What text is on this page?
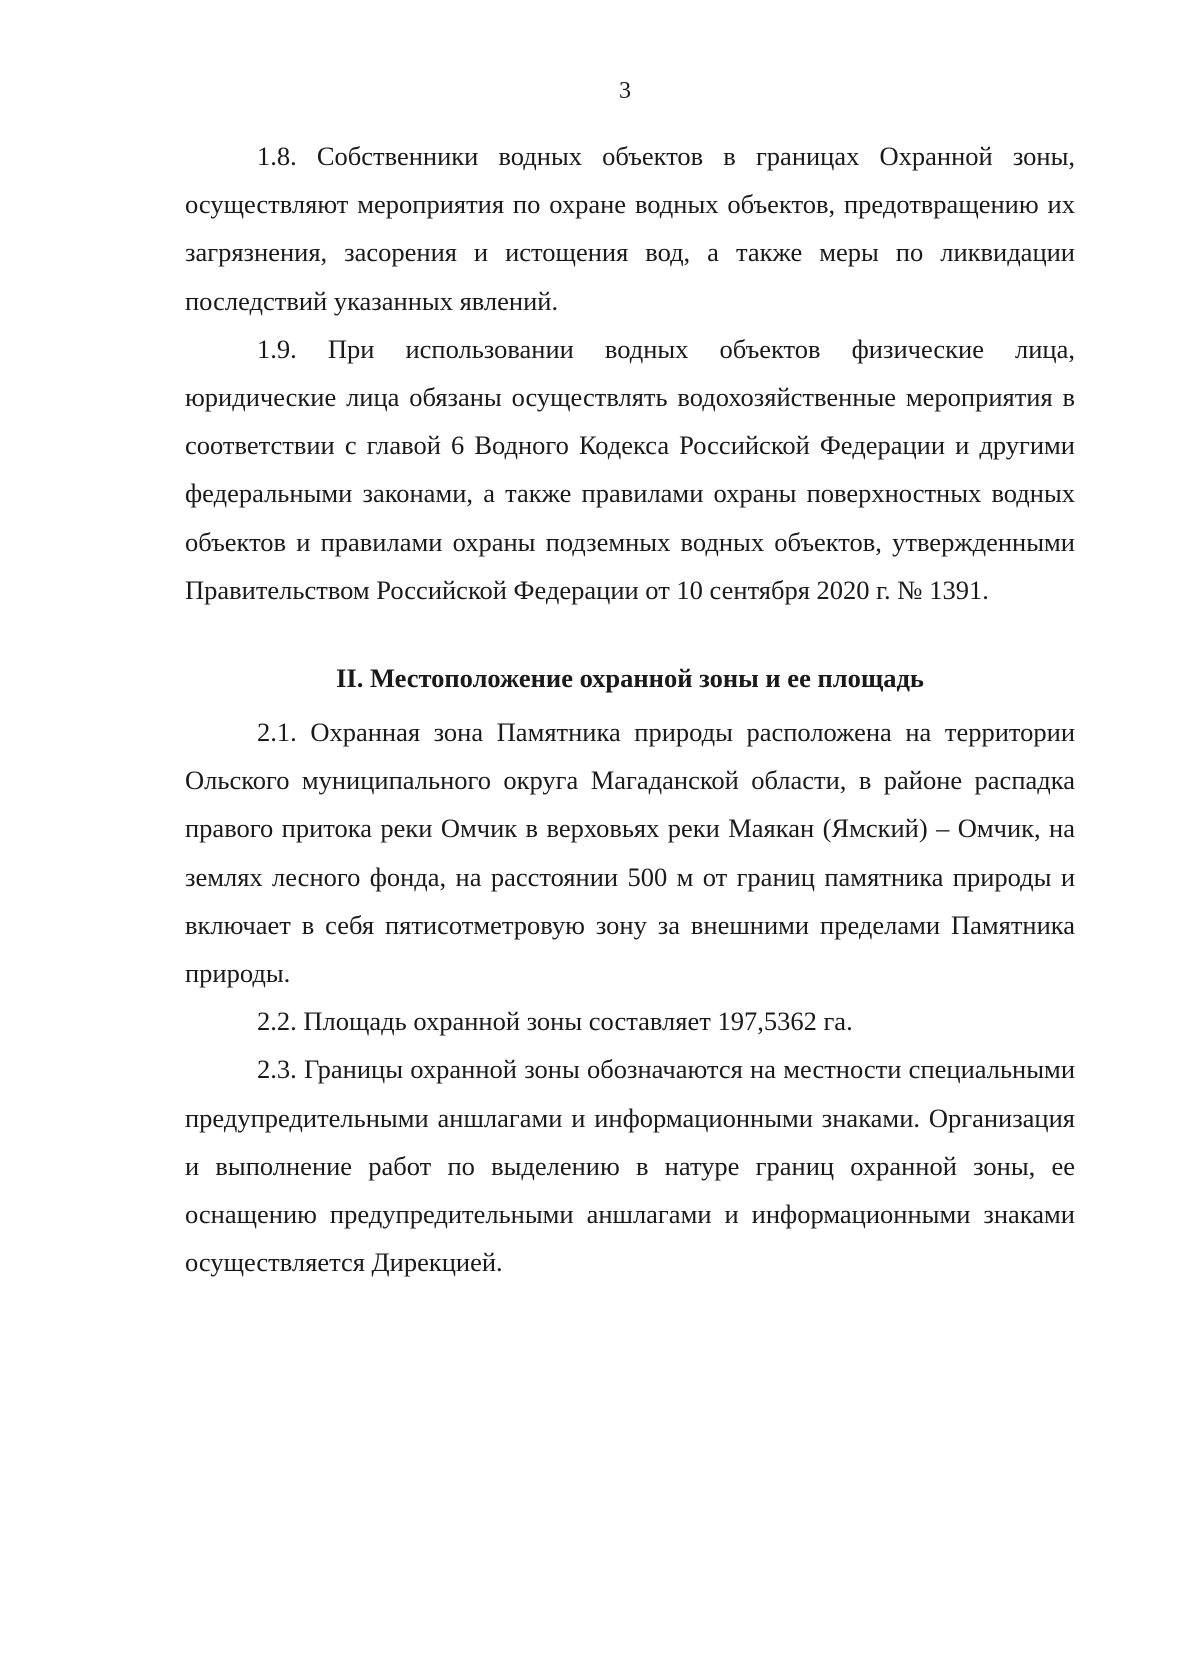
3

1.8. Собственники водных объектов в границах Охранной зоны, осуществляют мероприятия по охране водных объектов, предотвращению их загрязнения, засорения и истощения вод, а также меры по ликвидации последствий указанных явлений.

1.9. При использовании водных объектов физические лица, юридические лица обязаны осуществлять водохозяйственные мероприятия в соответствии с главой 6 Водного Кодекса Российской Федерации и другими федеральными законами, а также правилами охраны поверхностных водных объектов и правилами охраны подземных водных объектов, утвержденными Правительством Российской Федерации от 10 сентября 2020 г. № 1391.

II. Местоположение охранной зоны и ее площадь

2.1. Охранная зона Памятника природы расположена на территории Ольского муниципального округа Магаданской области, в районе распадка правого притока реки Омчик в верховьях реки Маякан (Ямский) – Омчик, на землях лесного фонда, на расстоянии 500 м от границ памятника природы и включает в себя пятисотметровую зону за внешними пределами Памятника природы.

2.2. Площадь охранной зоны составляет 197,5362 га.

2.3. Границы охранной зоны обозначаются на местности специальными предупредительными аншлагами и информационными знаками. Организация и выполнение работ по выделению в натуре границ охранной зоны, ее оснащению предупредительными аншлагами и информационными знаками осуществляется Дирекцией.
